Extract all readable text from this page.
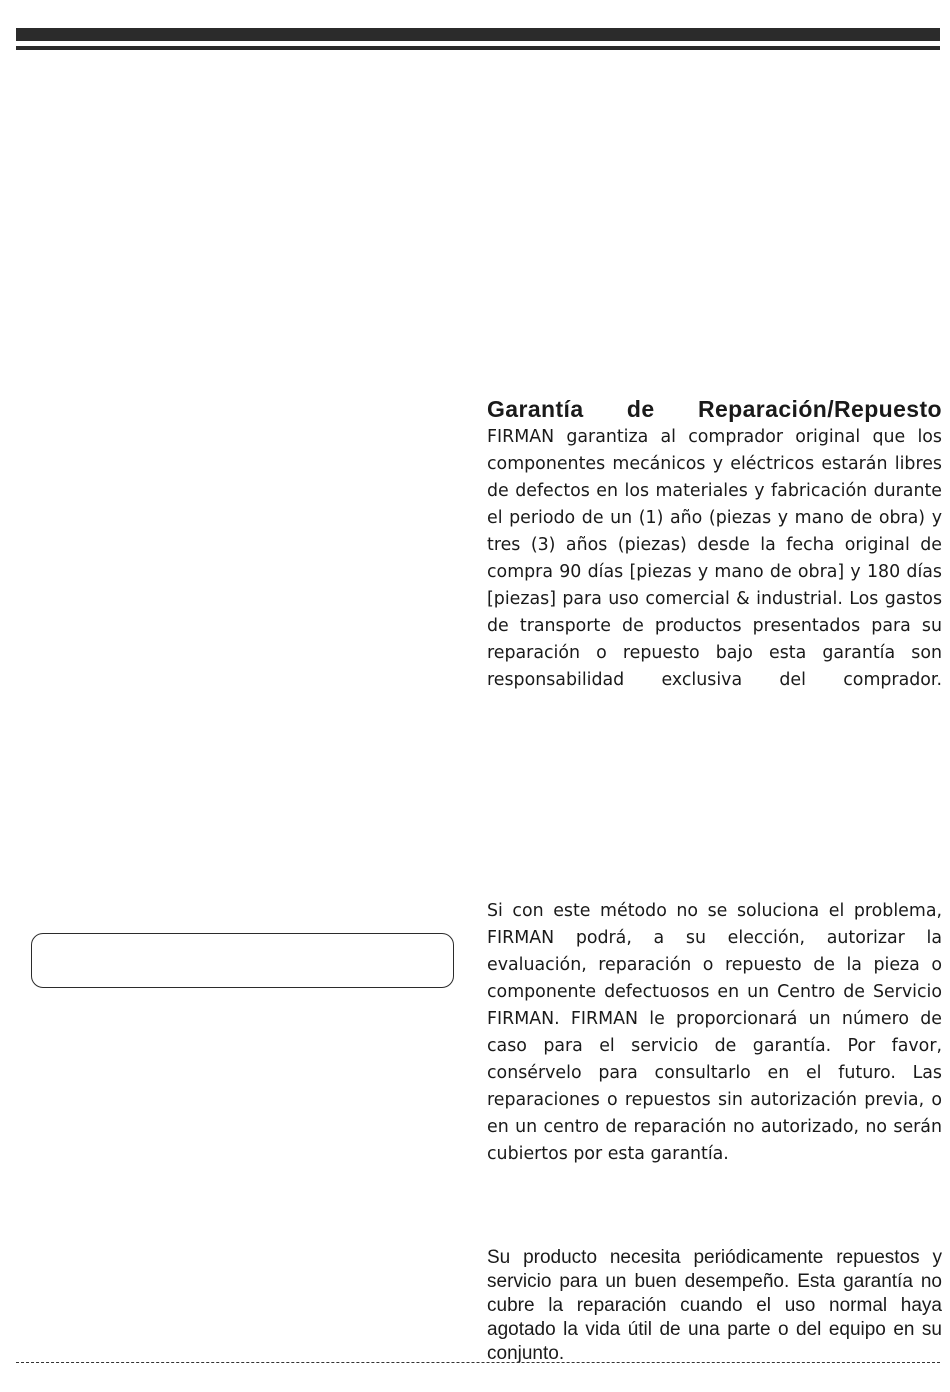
Garantía de Reparación/Repuesto

FIRMAN garantiza al comprador original que los componentes mecánicos y eléctricos estarán libres de defectos en los materiales y fabricación durante el periodo de un (1) año (piezas y mano de obra) y tres (3) años (piezas) desde la fecha original de compra 90 días [piezas y mano de obra] y 180 días [piezas] para uso comercial & industrial. Los gastos de transporte de productos presentados para su reparación o repuesto bajo esta garantía son responsabilidad exclusiva del comprador.

Si con este método no se soluciona el problema, FIRMAN podrá, a su elección, autorizar la evaluación, reparación o repuesto de la pieza o componente defectuosos en un Centro de Servicio FIRMAN. FIRMAN le proporcionará un número de caso para el servicio de garantía. Por favor, consérvelo para consultarlo en el futuro. Las reparaciones o repuestos sin autorización previa, o en un centro de reparación no autorizado, no serán cubiertos por esta garantía.

Su producto necesita periódicamente repuestos y servicio para un buen desempeño. Esta garantía no cubre la reparación cuando el uso normal haya agotado la vida útil de una parte o del equipo en su conjunto.
